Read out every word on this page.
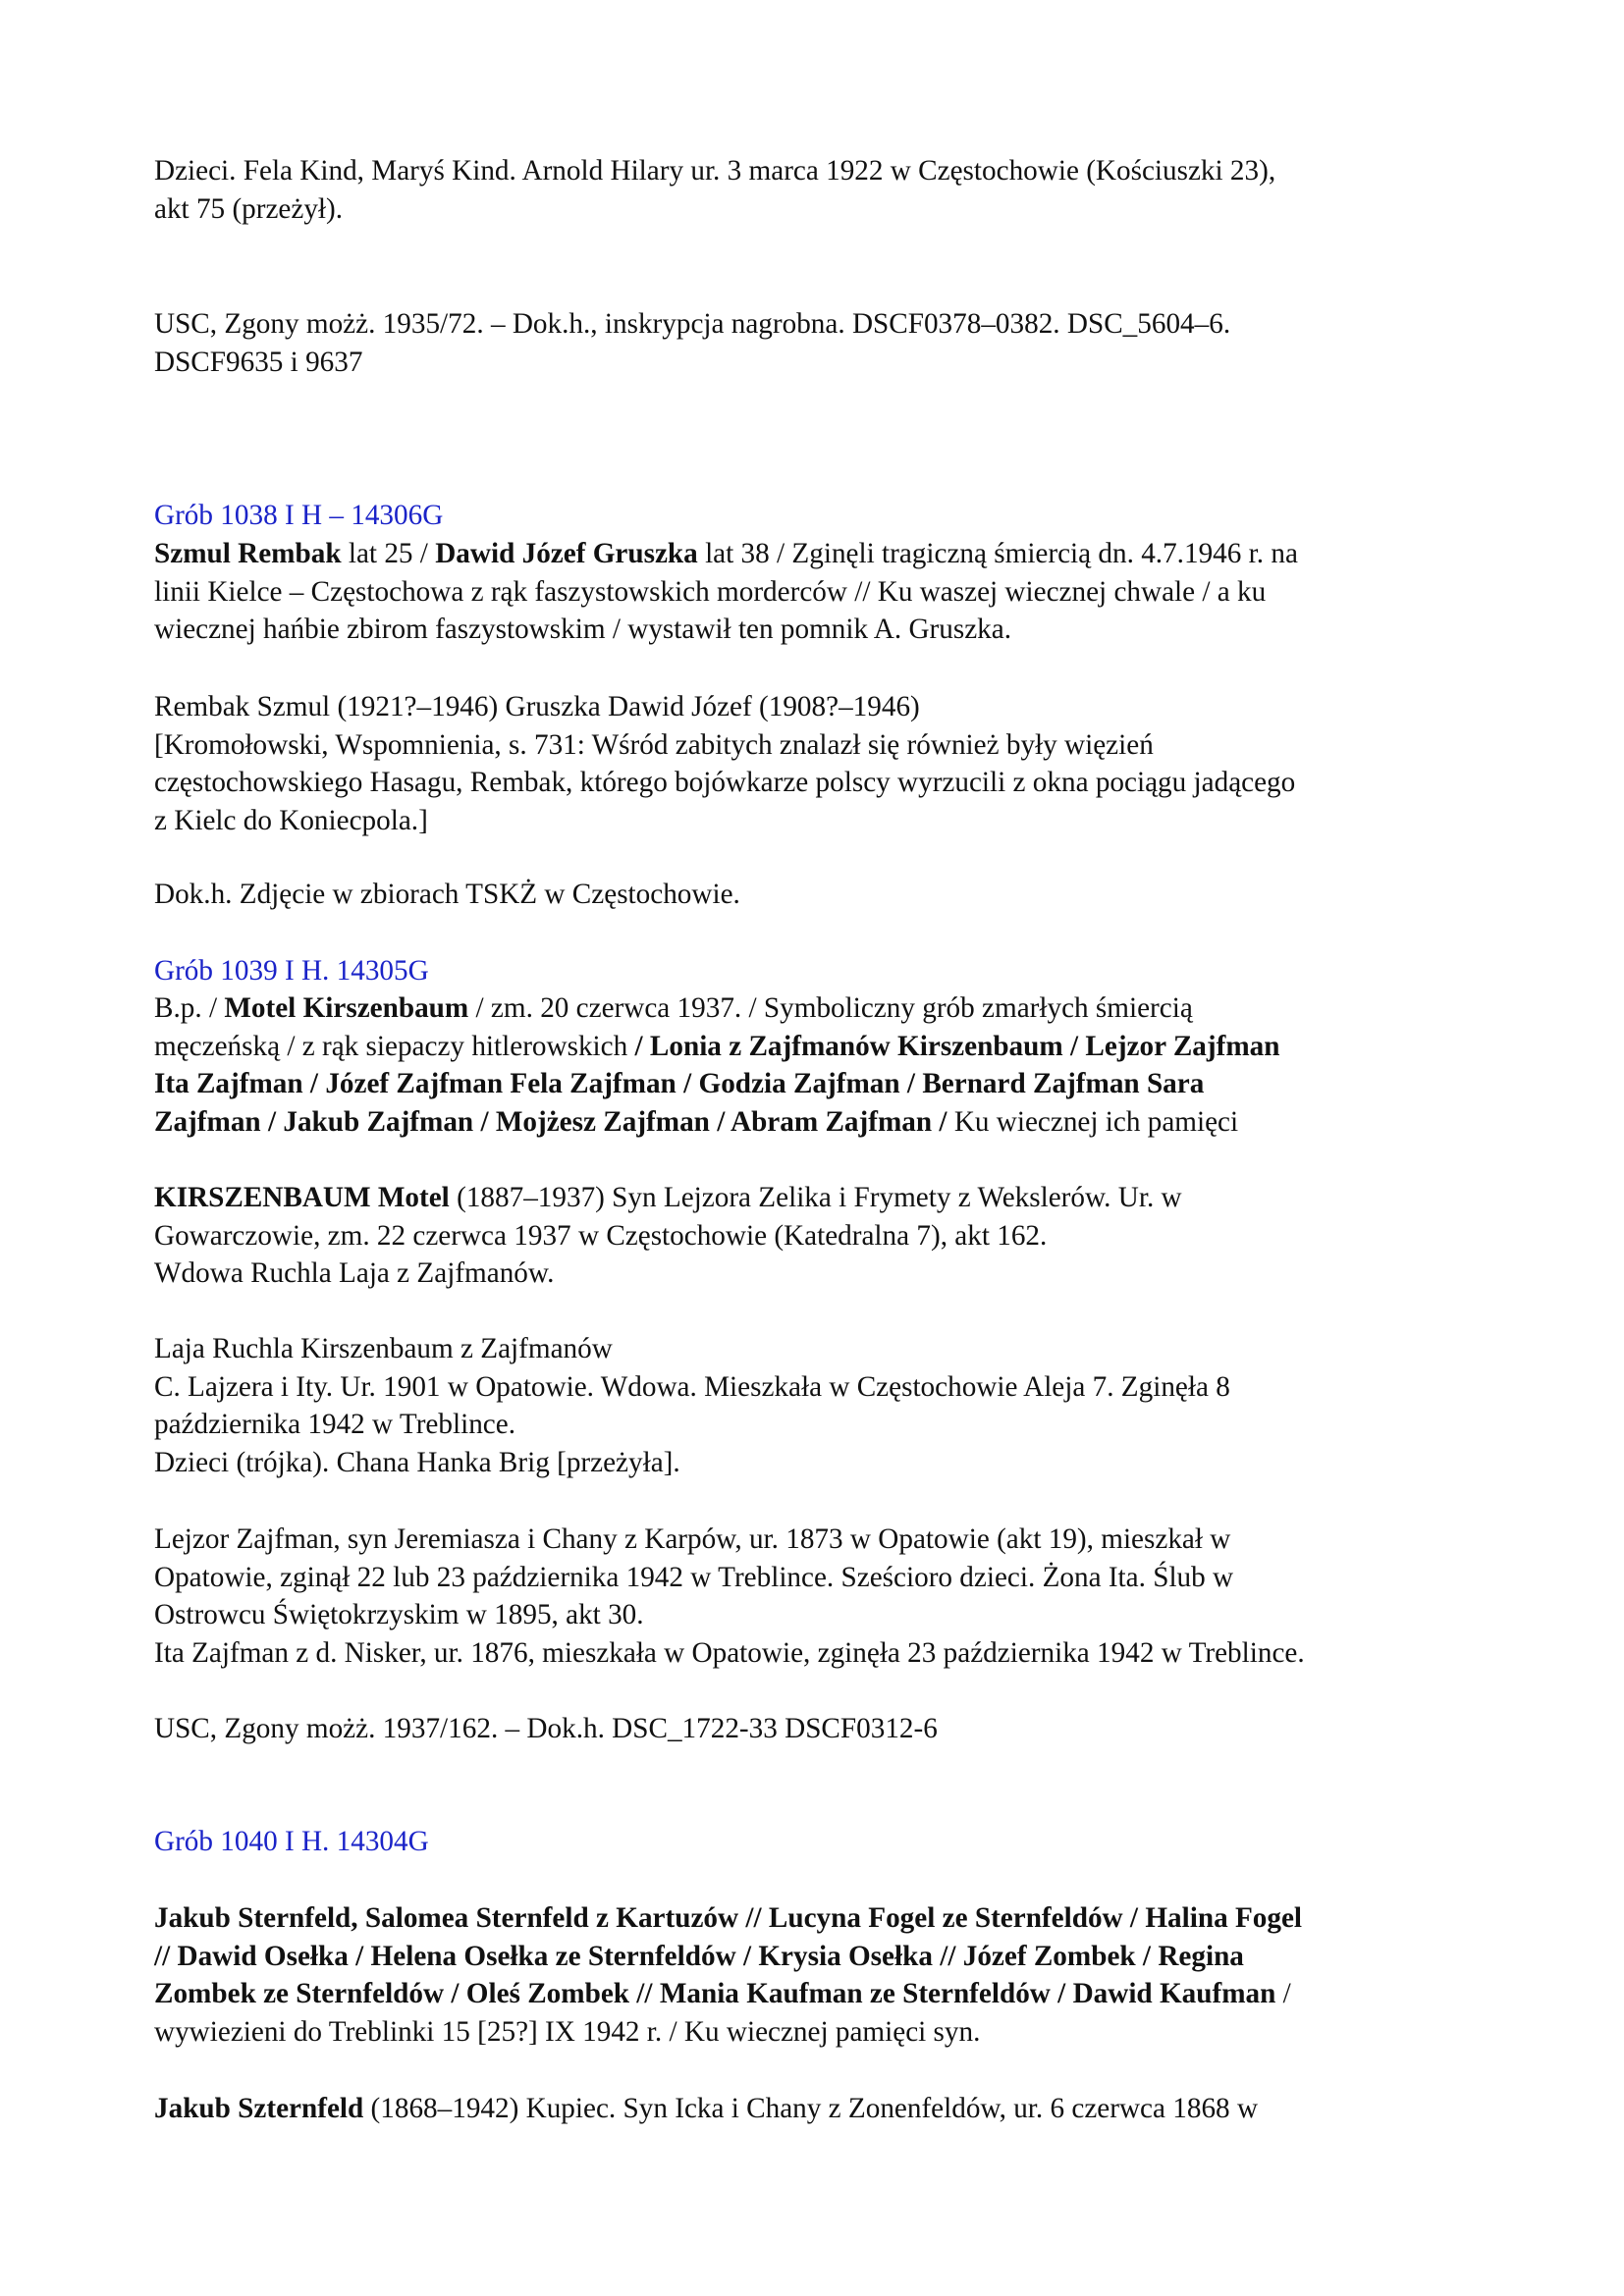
Dzieci. Fela Kind, Maryś Kind. Arnold Hilary ur. 3 marca 1922 w Częstochowie (Kościuszki 23),
akt 75 (przeżył).
USC, Zgony możż. 1935/72. – Dok.h., inskrypcja nagrobna. DSCF0378–0382. DSC_5604–6.
DSCF9635 i 9637
Grób 1038 I H – 14306G
Szmul Rembak lat 25 / Dawid Józef Gruszka lat 38 / Zginęli tragiczną śmiercią dn. 4.7.1946 r. na
linii Kielce – Częstochowa z rąk faszystowskich morderców // Ku waszej wiecznej chwale / a ku
wiecznej hańbie zbirom faszystowskim / wystawił ten pomnik A. Gruszka.
Rembak Szmul (1921?–1946) Gruszka Dawid Józef (1908?–1946)
[Kromołowski, Wspomnienia, s. 731: Wśród zabitych znalazł się również były więzień
częstochowskiego Hasagu, Rembak, którego bojówkarze polscy wyrzucili z okna pociągu jadącego
z Kielc do Koniecpola.]
Dok.h. Zdjęcie w zbiorach TSKŻ w Częstochowie.
Grób 1039 I H. 14305G
B.p. / Motel Kirszenbaum / zm. 20 czerwca 1937. / Symboliczny grób zmarłych śmiercią
męczeńską / z rąk siepaczy hitlerowskich / Lonia z Zajfmanów Kirszenbaum / Lejzor Zajfman
Ita Zajfman / Józef Zajfman Fela Zajfman / Godzia Zajfman / Bernard Zajfman Sara
Zajfman / Jakub Zajfman / Mojżesz Zajfman / Abram Zajfman / Ku wiecznej ich pamięci
KIRSZENBAUM Motel (1887–1937) Syn Lejzora Zelika i Frymety z Wekslerów. Ur. w
Gowarczowie, zm. 22 czerwca 1937 w Częstochowie (Katedralna 7), akt 162.
Wdowa Ruchla Laja z Zajfmanów.
Laja Ruchla Kirszenbaum z Zajfmanów
C. Lajzera i Ity. Ur. 1901 w Opatowie. Wdowa. Mieszkała w Częstochowie Aleja 7. Zginęła 8
października 1942 w Treblince.
Dzieci (trójka). Chana Hanka Brig [przeżyła].
Lejzor Zajfman, syn Jeremiasza i Chany z Karpów, ur. 1873 w Opatowie (akt 19), mieszkał w
Opatowie, zginął 22 lub 23 października 1942 w Treblince. Sześcioro dzieci. Żona Ita. Ślub w
Ostrowcu Świętokrzyskim w 1895, akt 30.
Ita Zajfman z d. Nisker, ur. 1876, mieszkała w Opatowie, zginęła 23 października 1942 w Treblince.
USC, Zgony możż. 1937/162. – Dok.h. DSC_1722-33 DSCF0312-6
Grób 1040 I H. 14304G
Jakub Sternfeld, Salomea Sternfeld z Kartuzów // Lucyna Fogel ze Sternfeldów / Halina Fogel
// Dawid Osełka / Helena Osełka ze Sternfeldów / Krysia Osełka // Józef Zombek / Regina
Zombek ze Sternfeldów / Oleś Zombek // Mania Kaufman ze Sternfeldów / Dawid Kaufman /
wywiezieni do Treblinki 15 [25?] IX 1942 r. / Ku wiecznej pamięci syn.
Jakub Szternfeld (1868–1942) Kupiec. Syn Icka i Chany z Zonenfeldów, ur. 6 czerwca 1868 w
